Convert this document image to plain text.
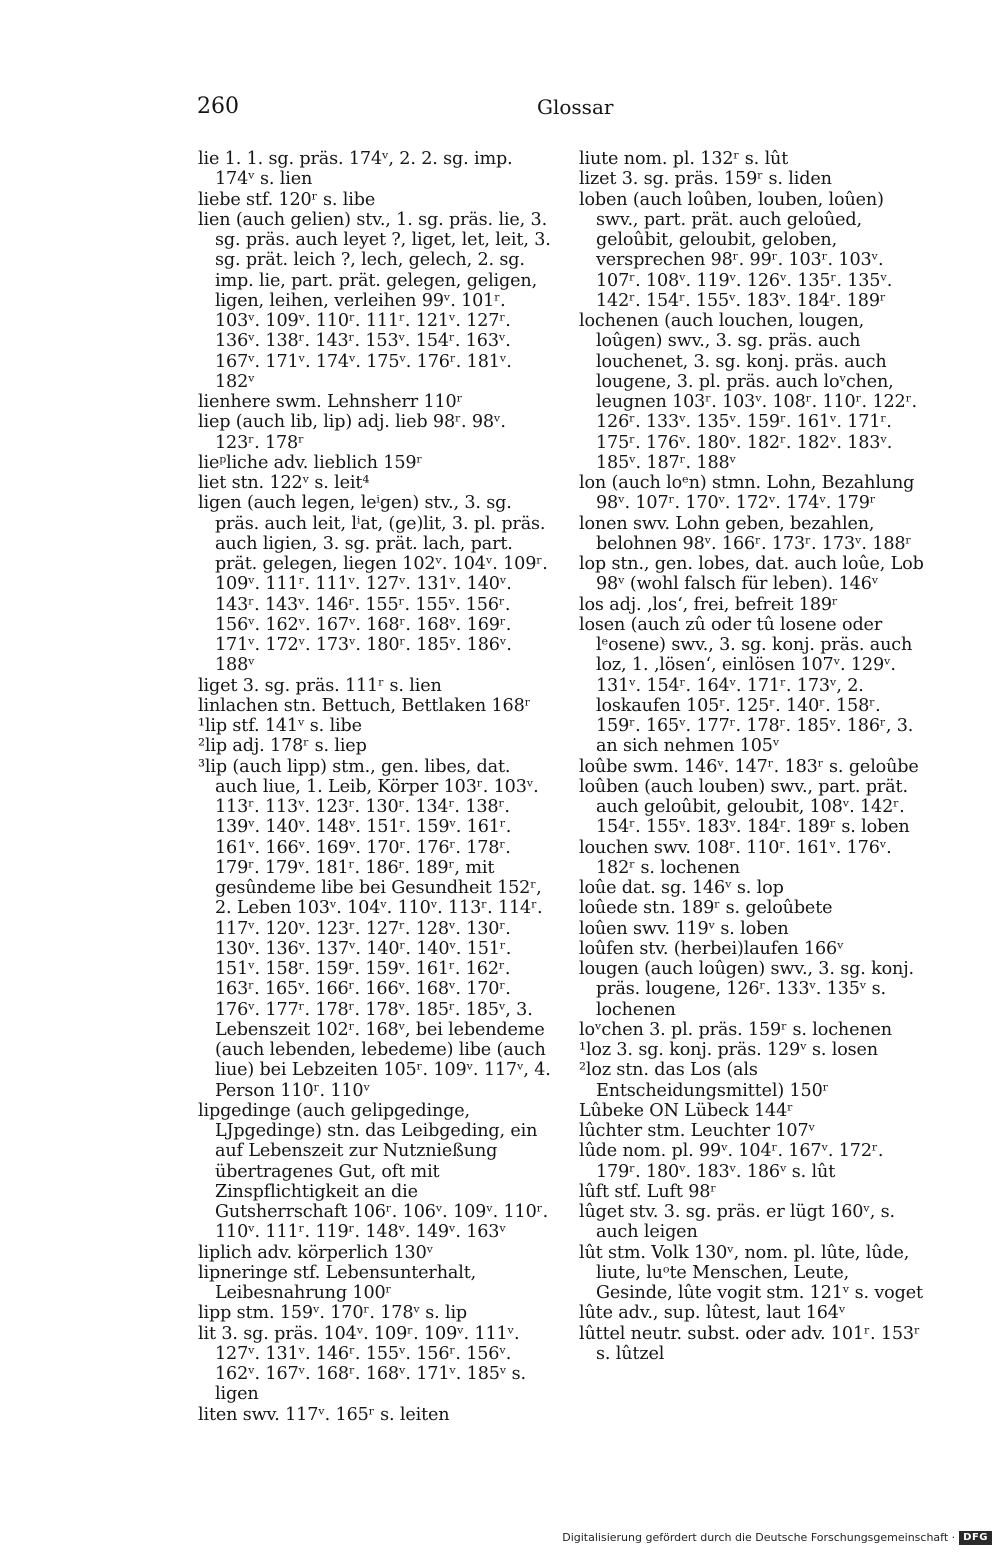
260	Glossar

lie 1. 1. sg. präs. 174ᵛ, 2. 2. sg. imp. 174ᵛ s. lien

liebe stf. 120ʳ s. libe

lien (auch gelien) stv., 1. sg. präs. lie, 3. sg. präs. auch leyet ?, liget, let, leit, 3. sg. prät. leich ?, lech, gelech, 2. sg. imp. lie, part. prät. gelegen, geligen, ligen, leihen, verleihen 99ᵛ. 101ʳ. 103ᵛ. 109ᵛ. 110ʳ. 111ʳ. 121ᵛ. 127ʳ. 136ᵛ. 138ʳ. 143ʳ. 153ᵛ. 154ʳ. 163ᵛ. 167ᵛ. 171ᵛ. 174ᵛ. 175ᵛ. 176ʳ. 181ᵛ. 182ᵛ

lienhere swm. Lehnsherr 110ʳ

liep (auch lib, lip) adj. lieb 98ʳ. 98ᵛ. 123ʳ. 178ʳ

lieᵖliche adv. lieblich 159ʳ

liet stn. 122ᵛ s. leit⁴

ligen (auch legen, leⁱgen) stv., 3. sg. präs. auch leit, lⁱat, (ge)lit, 3. pl. präs. auch ligien, 3. sg. prät. lach, part. prät. gelegen, liegen 102ᵛ. 104ᵛ. 109ʳ. 109ᵛ. 111ʳ. 111ᵛ. 127ᵛ. 131ᵛ. 140ᵛ. 143ʳ. 143ᵛ. 146ʳ. 155ʳ. 155ᵛ. 156ʳ. 156ᵛ. 162ᵛ. 167ᵛ. 168ʳ. 168ᵛ. 169ʳ. 171ᵛ. 172ᵛ. 173ᵛ. 180ʳ. 185ᵛ. 186ᵛ. 188ᵛ

liget 3. sg. präs. 111ʳ s. lien

linlachen stn. Bettuch, Bettlaken 168ʳ

¹lip stf. 141ᵛ s. libe

²lip adj. 178ʳ s. liep

³lip (auch lipp) stm., gen. libes, dat. auch liue, 1. Leib, Körper 103ʳ. 103ᵛ. 113ʳ. 113ᵛ. 123ʳ. 130ʳ. 134ʳ. 138ʳ. 139ᵛ. 140ᵛ. 148ᵛ. 151ʳ. 159ᵛ. 161ʳ. 161ᵛ. 166ᵛ. 169ᵛ. 170ʳ. 176ʳ. 178ʳ. 179ʳ. 179ᵛ. 181ʳ. 186ʳ. 189ʳ, mit gesûndeme libe bei Gesundheit 152ʳ, 2. Leben 103ᵛ. 104ᵛ. 110ᵛ. 113ʳ. 114ʳ. 117ᵛ. 120ᵛ. 123ʳ. 127ʳ. 128ᵛ. 130ʳ. 130ᵛ. 136ᵛ. 137ᵛ. 140ʳ. 140ᵛ. 151ʳ. 151ᵛ. 158ʳ. 159ʳ. 159ᵛ. 161ʳ. 162ʳ. 163ʳ. 165ᵛ. 166ʳ. 166ᵛ. 168ᵛ. 170ʳ. 176ᵛ. 177ʳ. 178ʳ. 178ᵛ. 185ʳ. 185ᵛ, 3. Lebenszeit 102ʳ. 168ᵛ, bei lebendeme (auch lebenden, lebedeme) libe (auch liue) bei Lebzeiten 105ʳ. 109ᵛ. 117ᵛ, 4. Person 110ʳ. 110ᵛ

lipgedinge (auch gelipgedinge, LJpgedinge) stn. das Leibgeding, ein auf Lebenszeit zur Nutznießung übertragenes Gut, oft mit Zinspflichtigkeit an die Gutsherrschaft 106ʳ. 106ᵛ. 109ᵛ. 110ʳ. 110ᵛ. 111ʳ. 119ʳ. 148ᵛ. 149ᵛ. 163ᵛ

liplich adv. körperlich 130ᵛ

lipneringe stf. Lebensunterhalt, Leibesnahrung 100ʳ

lipp stm. 159ᵛ. 170ʳ. 178ᵛ s. lip

lit 3. sg. präs. 104ᵛ. 109ʳ. 109ᵛ. 111ᵛ. 127ᵛ. 131ᵛ. 146ʳ. 155ᵛ. 156ʳ. 156ᵛ. 162ᵛ. 167ᵛ. 168ʳ. 168ᵛ. 171ᵛ. 185ᵛ s. ligen

liten swv. 117ᵛ. 165ʳ s. leiten

liute nom. pl. 132ʳ s. lût

lizet 3. sg. präs. 159ʳ s. liden

loben (auch loûben, louben, loûen) swv., part. prät. auch geloûed, geloûbit, geloubit, geloben, versprechen 98ʳ. 99ʳ. 103ʳ. 103ᵛ. 107ʳ. 108ᵛ. 119ᵛ. 126ᵛ. 135ʳ. 135ᵛ. 142ʳ. 154ʳ. 155ᵛ. 183ᵛ. 184ʳ. 189ʳ

lochenen (auch louchen, lougen, loûgen) swv., 3. sg. präs. auch louchenet, 3. sg. konj. präs. auch lougene, 3. pl. präs. auch loᵛchen, leugnen 103ʳ. 103ᵛ. 108ʳ. 110ʳ. 122ʳ. 126ʳ. 133ᵛ. 135ᵛ. 159ʳ. 161ᵛ. 171ʳ. 175ʳ. 176ᵛ. 180ᵛ. 182ʳ. 182ᵛ. 183ᵛ. 185ᵛ. 187ʳ. 188ᵛ

lon (auch loᵉn) stmn. Lohn, Bezahlung 98ᵛ. 107ʳ. 170ᵛ. 172ᵛ. 174ᵛ. 179ʳ

lonen swv. Lohn geben, bezahlen, belohnen 98ᵛ. 166ʳ. 173ʳ. 173ᵛ. 188ʳ

lop stn., gen. lobes, dat. auch loûe, Lob 98ᵛ (wohl falsch für leben). 146ᵛ

los adj. ‚los‘, frei, befreit 189ʳ

losen (auch zû oder tû losene oder lᵉosene) swv., 3. sg. konj. präs. auch loz, 1. ‚lösen‘, einlösen 107ᵛ. 129ᵛ. 131ᵛ. 154ʳ. 164ᵛ. 171ʳ. 173ᵛ, 2. loskaufen 105ʳ. 125ʳ. 140ʳ. 158ʳ. 159ʳ. 165ᵛ. 177ʳ. 178ʳ. 185ᵛ. 186ʳ, 3. an sich nehmen 105ᵛ

loûbe swm. 146ᵛ. 147ʳ. 183ʳ s. geloûbe

loûben (auch louben) swv., part. prät. auch geloûbit, geloubit, 108ᵛ. 142ʳ. 154ʳ. 155ᵛ. 183ᵛ. 184ʳ. 189ʳ s. loben

louchen swv. 108ʳ. 110ʳ. 161ᵛ. 176ᵛ. 182ʳ s. lochenen

loûe dat. sg. 146ᵛ s. lop

loûede stn. 189ʳ s. geloûbete

loûen swv. 119ᵛ s. loben

loûfen stv. (herbei)laufen 166ᵛ

lougen (auch loûgen) swv., 3. sg. konj. präs. lougene, 126ʳ. 133ᵛ. 135ᵛ s. lochenen

loᵛchen 3. pl. präs. 159ʳ s. lochenen

¹loz 3. sg. konj. präs. 129ᵛ s. losen

²loz stn. das Los (als Entscheidungsmittel) 150ʳ

Lûbeke ON Lübeck 144ʳ

lûchter stm. Leuchter 107ᵛ

lûde nom. pl. 99ᵛ. 104ʳ. 167ᵛ. 172ʳ. 179ʳ. 180ᵛ. 183ᵛ. 186ᵛ s. lût

lûft stf. Luft 98ʳ

lûget stv. 3. sg. präs. er lügt 160ᵛ, s. auch leigen

lût stm. Volk 130ᵛ, nom. pl. lûte, lûde, liute, luᵒte Menschen, Leute, Gesinde, lûte vogit stm. 121ᵛ s. voget

lûte adv., sup. lûtest, laut 164ᵛ

lûttel neutr. subst. oder adv. 101ʳ. 153ʳ s. lûtzel

Digitalisierung gefördert durch die Deutsche Forschungsgemeinschaft · DFG
